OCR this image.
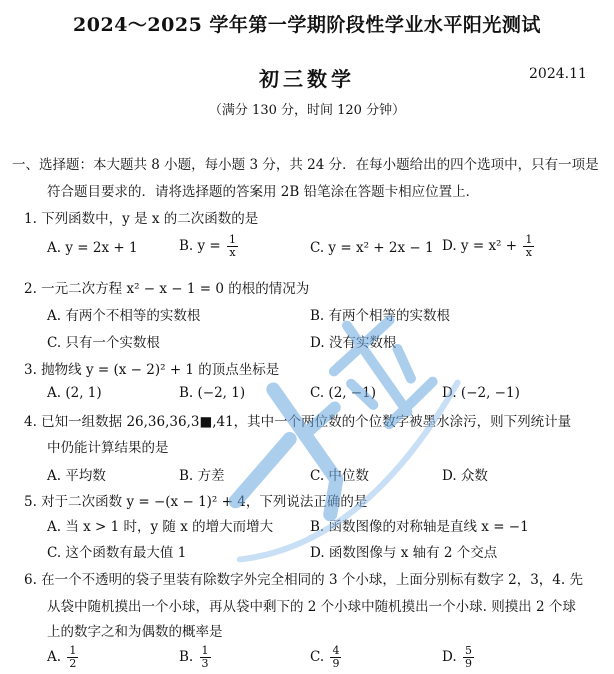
2024～2025 学年第一学期阶段性学业水平阳光测试
初三数学	2024.11
（满分 130 分，时间 120 分钟）
一、选择题：本大题共 8 小题，每小题 3 分，共 24 分．在每小题给出的四个选项中，只有一项是
符合题目要求的．请将选择题的答案用 2B 铅笔涂在答题卡相应位置上．
1. 下列函数中，y 是 x 的二次函数的是
A. y = 2x + 1	B. $y = \frac{1}{x}$	C. y = x² + 2x − 1 D. $y = x^2 + \frac{1}{x}$
2. 一元二次方程 x² − x − 1 = 0 的根的情况为
A. 有两个不相等的实数根	B. 有两个相等的实数根
C. 只有一个实数根	D. 没有实数根
3. 抛物线 y = (x − 2)² + 1 的顶点坐标是
A. (2, 1)	B. (−2, 1)	C. (2, −1)	D. (−2, −1)
4. 已知一组数据 26,36,36,3■,41，其中一个两位数的个位数字被墨水涂污，则下列统计量
中仍能计算结果的是
A. 平均数	B. 方差	C. 中位数	D. 众数
5. 对于二次函数 y = −(x − 1)² + 4，下列说法正确的是
A. 当 x > 1 时，y 随 x 的增大而增大	B. 函数图像的对称轴是直线 x = −1
C. 这个函数有最大值 1	D. 函数图像与 x 轴有 2 个交点
6. 在一个不透明的袋子里装有除数字外完全相同的 3 个小球，上面分别标有数字 2，3，4. 先
从袋中随机摸出一个小球，再从袋中剩下的 2 个小球中随机摸出一个小球. 则摸出 2 个球
上的数字之和为偶数的概率是
A. $\frac{1}{2}$	B. $\frac{1}{3}$	C. $\frac{4}{9}$	D. $\frac{5}{9}$
